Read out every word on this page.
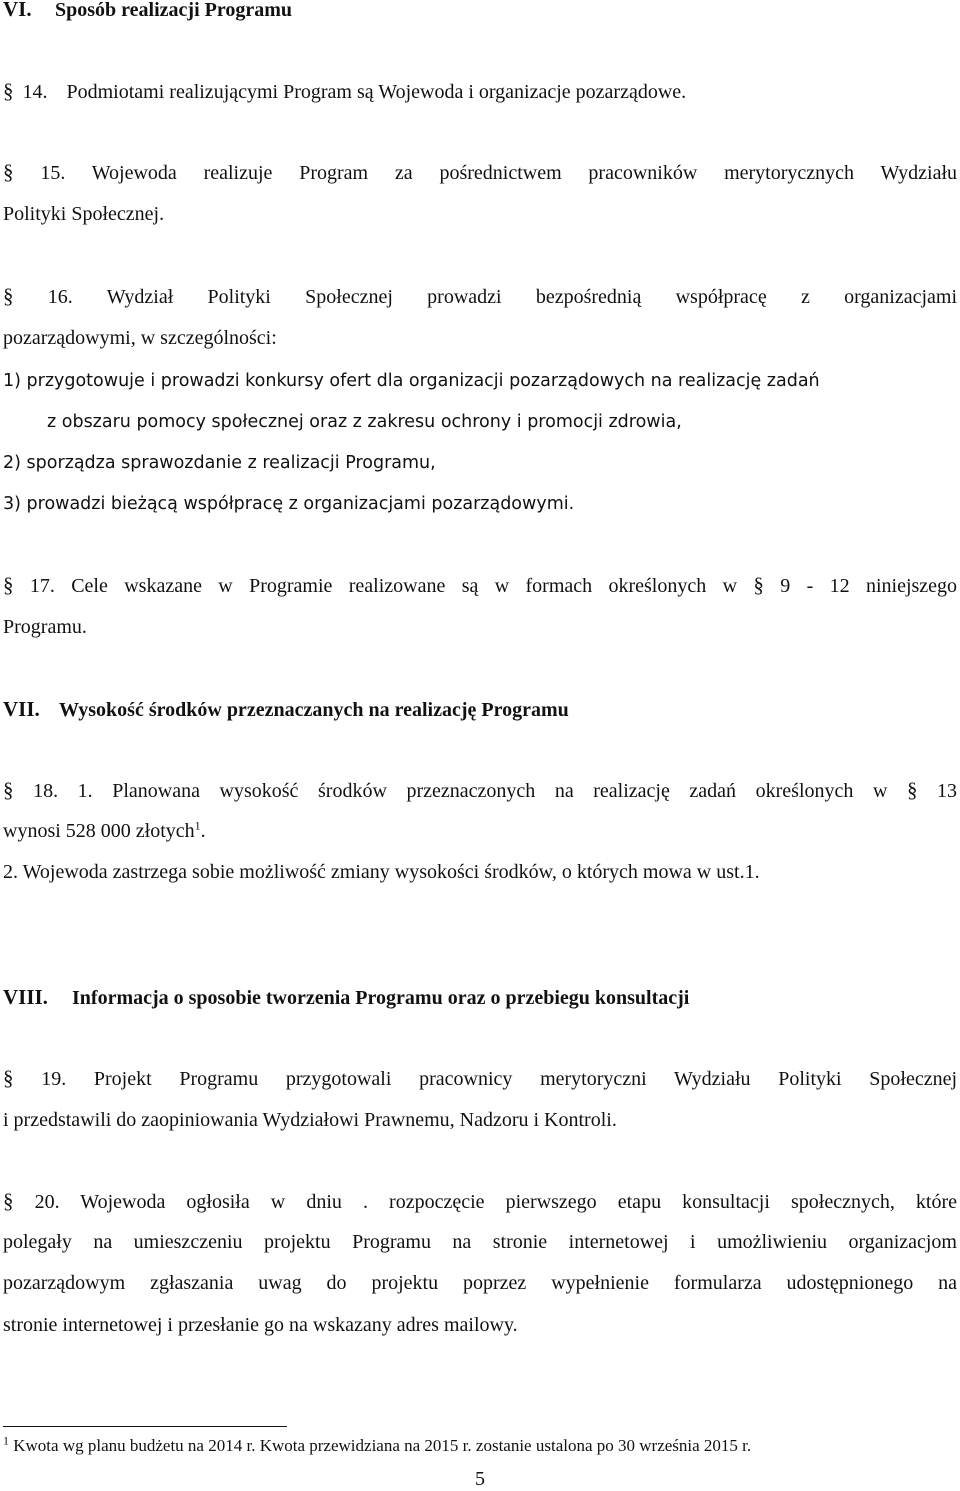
VI. Sposób realizacji Programu
§ 14. Podmiotami realizującymi Program są Wojewoda i organizacje pozarządowe.
§ 15. Wojewoda realizuje Program za pośrednictwem pracowników merytorycznych Wydziału
Polityki Społecznej.
§ 16. Wydział Polityki Społecznej prowadzi bezpośrednią współpracę z organizacjami
pozarządowymi, w szczególności:
1) przygotowuje i prowadzi konkursy ofert dla organizacji pozarządowych na realizację zadań
z obszaru pomocy społecznej oraz z zakresu ochrony i promocji zdrowia,
2) sporządza sprawozdanie z realizacji Programu,
3) prowadzi bieżącą współpracę z organizacjami pozarządowymi.
§ 17. Cele wskazane w Programie realizowane są w formach określonych w § 9 - 12 niniejszego
Programu.
VII. Wysokość środków przeznaczanych na realizację Programu
§ 18. 1. Planowana wysokość środków przeznaczonych na realizację zadań określonych w § 13
wynosi 528 000 złotych$^1$.
2. Wojewoda zastrzega sobie możliwość zmiany wysokości środków, o których mowa w ust.1.
VIII. Informacja o sposobie tworzenia Programu oraz o przebiegu konsultacji
§ 19. Projekt Programu przygotowali pracownicy merytoryczni Wydziału Polityki Społecznej
i przedstawili do zaopiniowania Wydziałowi Prawnemu, Nadzoru i Kontroli.
§ 20. Wojewoda ogłosiła w dniu . rozpoczęcie pierwszego etapu konsultacji społecznych, które
polegały na umieszczeniu projektu Programu na stronie internetowej i umożliwieniu organizacjom
pozarządowym zgłaszania uwag do projektu poprzez wypełnienie formularza udostępnionego na
stronie internetowej i przesłanie go na wskazany adres mailowy.
$^1$ Kwota wg planu budżetu na 2014 r. Kwota przewidziana na 2015 r. zostanie ustalona po 30 września 2015 r.
5
